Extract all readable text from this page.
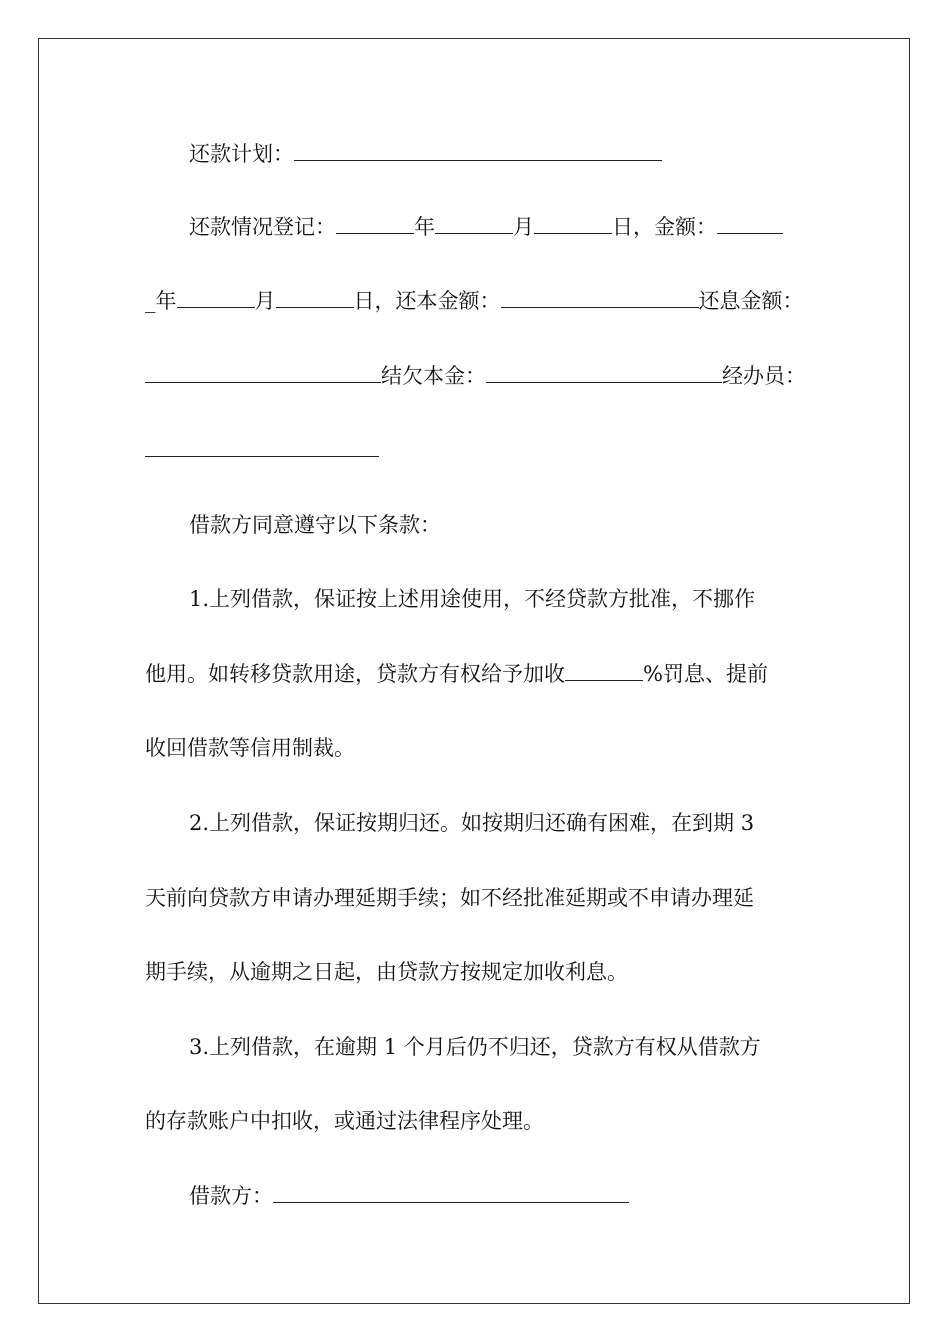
还款计划：
还款情况登记：	年	月	日，金额：
_年	月	日，还本金额：	还息金额：
结欠本金：	经办员：
借款方同意遵守以下条款：
1.上列借款，保证按上述用途使用，不经贷款方批准，不挪作
他用。如转移贷款用途，贷款方有权给予加收	%罚息、提前
收回借款等信用制裁。
2.上列借款，保证按期归还。如按期归还确有困难，在到期 3
天前向贷款方申请办理延期手续；如不经批准延期或不申请办理延
期手续，从逾期之日起，由贷款方按规定加收利息。
3.上列借款，在逾期 1 个月后仍不归还，贷款方有权从借款方
的存款账户中扣收，或通过法律程序处理。
借款方：
